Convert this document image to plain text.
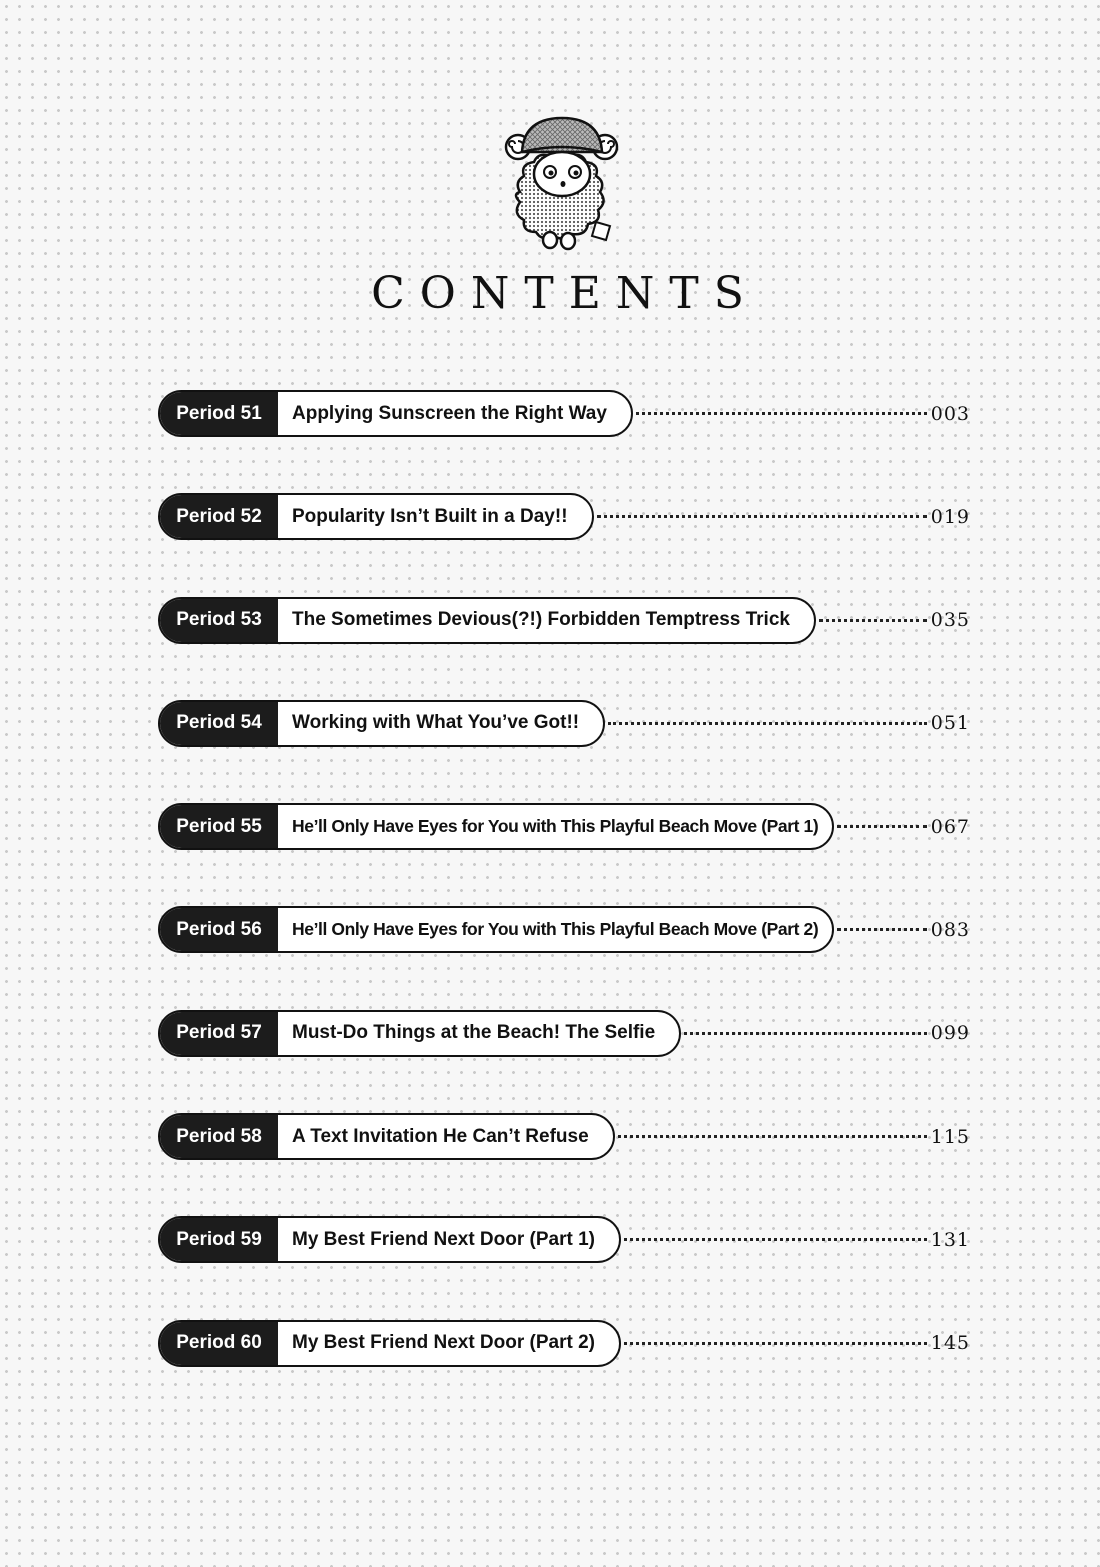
CONTENTS
Period 51	Applying Sunscreen the Right Way	003
Period 52	Popularity Isn’t Built in a Day!!	019
Period 53	The Sometimes Devious(?!) Forbidden Temptress Trick	035
Period 54	Working with What You’ve Got!!	051
Period 55	He’ll Only Have Eyes for You with This Playful Beach Move (Part 1)	067
Period 56	He’ll Only Have Eyes for You with This Playful Beach Move (Part 2)	083
Period 57	Must-Do Things at the Beach! The Selfie	099
Period 58	A Text Invitation He Can’t Refuse	115
Period 59	My Best Friend Next Door (Part 1)	131
Period 60	My Best Friend Next Door (Part 2)	145
